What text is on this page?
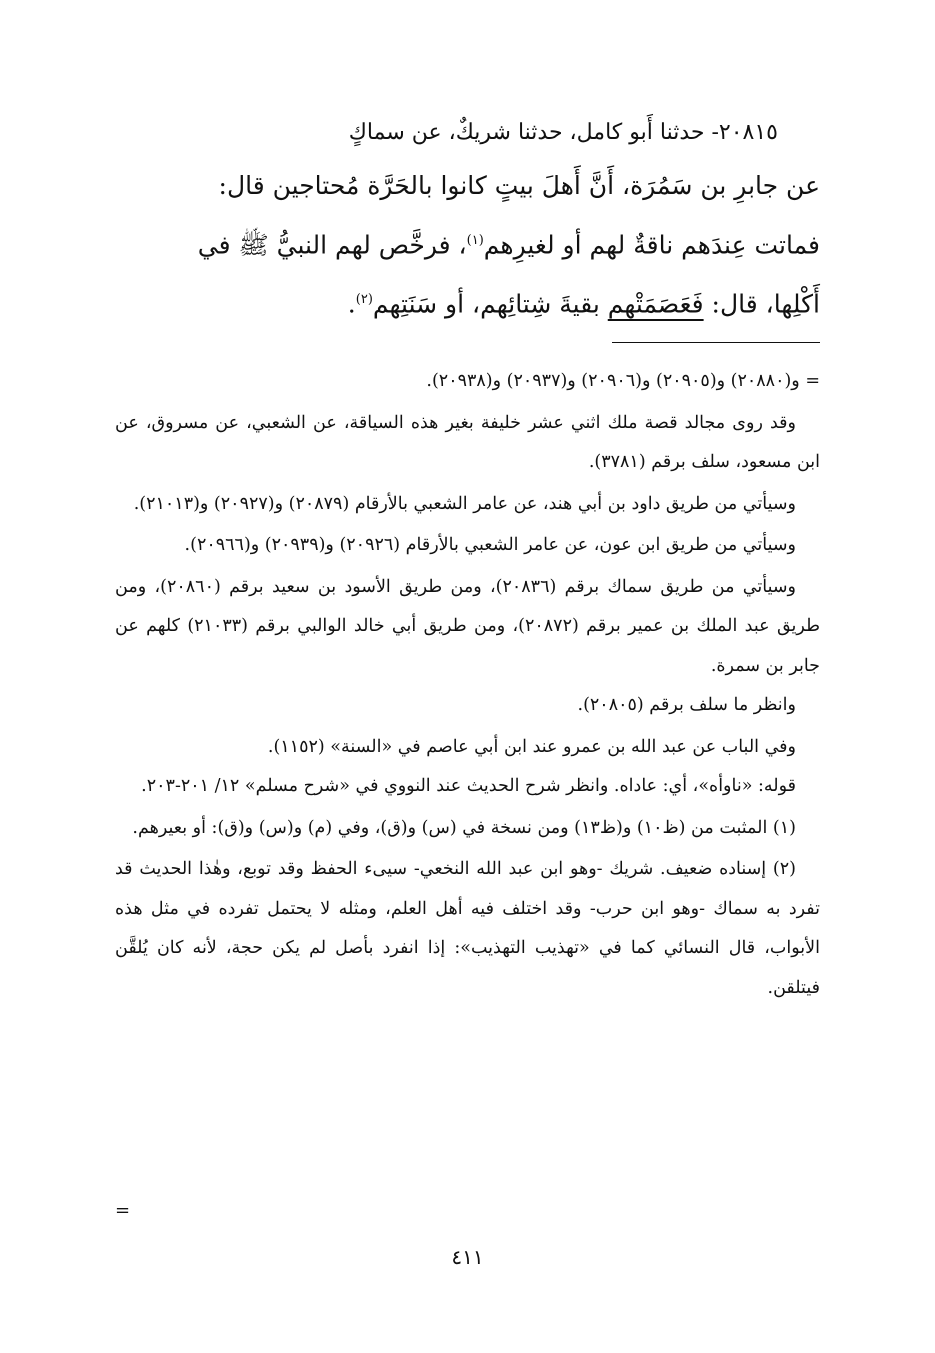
٢٠٨١٥- حدثنا أَبو كامل، حدثنا شريكٌ، عن سماكٍ
عن جابرِ بن سَمُرَة، أَنَّ أَهلَ بيتٍ كانوا بالحَرَّة مُحتاجين قال:
فماتت عِندَهم ناقةٌ لهم أو لغيرِهم$^{(١)}$، فرخَّص لهم النبيُّ ﷺ في
أَكْلِها، قال: فَعَصَمَتْهم بقيةَ شِتائِهم، أو سَنَتِهم$^{(٢)}$.

= و(٢٠٨٨٠) و(٢٠٩٠٥) و(٢٠٩٠٦) و(٢٠٩٣٧) و(٢٠٩٣٨).

وقد روى مجالد قصة ملك اثني عشر خليفة بغير هذه السياقة، عن الشعبي، عن مسروق، عن ابن مسعود، سلف برقم (٣٧٨١).

وسيأتي من طريق داود بن أبي هند، عن عامر الشعبي بالأرقام (٢٠٨٧٩) و(٢٠٩٢٧) و(٢١٠١٣).

وسيأتي من طريق ابن عون، عن عامر الشعبي بالأرقام (٢٠٩٢٦) و(٢٠٩٣٩) و(٢٠٩٦٦).

وسيأتي من طريق سماك برقم (٢٠٨٣٦)، ومن طريق الأسود بن سعيد برقم (٢٠٨٦٠)، ومن طريق عبد الملك بن عمير برقم (٢٠٨٧٢)، ومن طريق أبي خالد الوالبي برقم (٢١٠٣٣) كلهم عن جابر بن سمرة.

وانظر ما سلف برقم (٢٠٨٠٥).

وفي الباب عن عبد الله بن عمرو عند ابن أبي عاصم في «السنة» (١١٥٢).

قوله: «ناوأه»، أي: عاداه. وانظر شرح الحديث عند النووي في «شرح مسلم» ١٢/ ٢٠١-٢٠٣.

(١) المثبت من (ظ١٠) و(ظ١٣) ومن نسخة في (س) و(ق)، وفي (م) و(س) و(ق): أو بعيرهم.

(٢) إسناده ضعيف. شريك -وهو ابن عبد الله النخعي- سيىء الحفظ وقد توبع، وهٰذا الحديث قد تفرد به سماك -وهو ابن حرب- وقد اختلف فيه أهل العلم، ومثله لا يحتمل تفرده في مثل هذه الأبواب، قال النسائي كما في «تهذيب التهذيب»: إذا انفرد بأصل لم يكن حجة، لأنه كان يُلقَّن فيتلقن.

=
٤١١
